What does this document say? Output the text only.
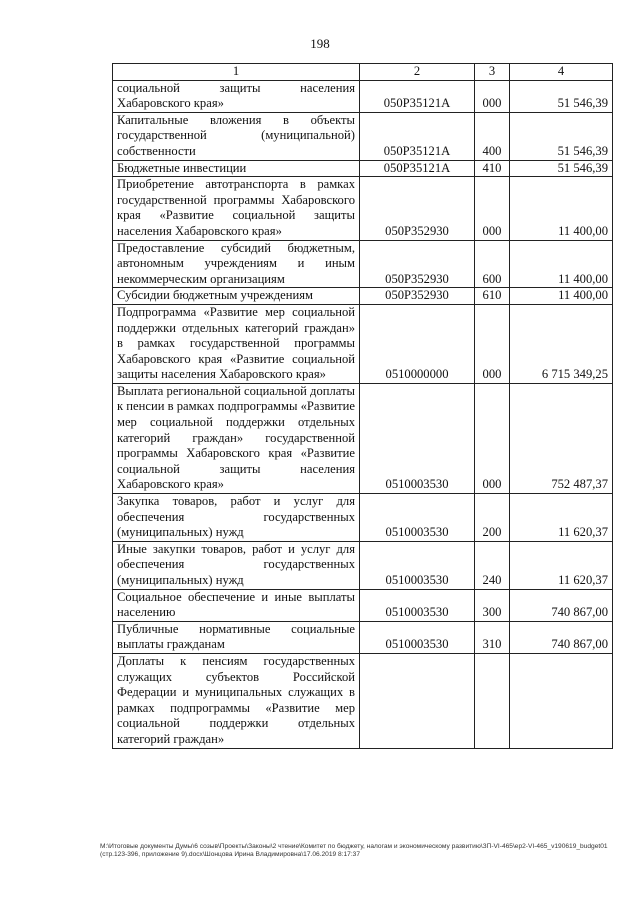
198
1	2	3	4
социальной защиты населения Хабаровского края»	050P35121A	000	51 546,39
Капитальные вложения в объекты государственной (муниципальной) собственности	050P35121A	400	51 546,39
Бюджетные инвестиции	050P35121A	410	51 546,39
Приобретение автотранспорта в рамках государственной программы Хабаровского края «Развитие социальной защиты населения Хабаровского края»	050P352930	000	11 400,00
Предоставление субсидий бюджетным, автономным учреждениям и иным некоммерческим организациям	050P352930	600	11 400,00
Субсидии бюджетным учреждениям	050P352930	610	11 400,00
Подпрограмма «Развитие мер социальной поддержки отдельных категорий граждан» в рамках государственной программы Хабаровского края «Развитие социальной защиты населения Хабаровского края»	0510000000	000	6 715 349,25
Выплата региональной социальной доплаты к пенсии в рамках подпрограммы «Развитие мер социальной поддержки отдельных категорий граждан» государственной программы Хабаровского края «Развитие социальной защиты населения Хабаровского края»	0510003530	000	752 487,37
Закупка товаров, работ и услуг для обеспечения государственных (муниципальных) нужд	0510003530	200	11 620,37
Иные закупки товаров, работ и услуг для обеспечения государственных (муниципальных) нужд	0510003530	240	11 620,37
Социальное обеспечение и иные выплаты населению	0510003530	300	740 867,00
Публичные нормативные социальные выплаты гражданам	0510003530	310	740 867,00
Доплаты к пенсиям государственных служащих субъектов Российской Федерации и муниципальных служащих в рамках подпрограммы «Развитие мер социальной поддержки отдельных категорий граждан»			
M:\Итоговые документы Думы\6 созыв\Проекты\Законы\2 чтение\Комитет по бюджету, налогам и экономическому развитию\ЗП-VI-465\ep2-VI-465_v190619_budget01 (стр.123-396, приложение 9).docx\Шонцова Ирина Владимировна\17.06.2019 8:17:37
